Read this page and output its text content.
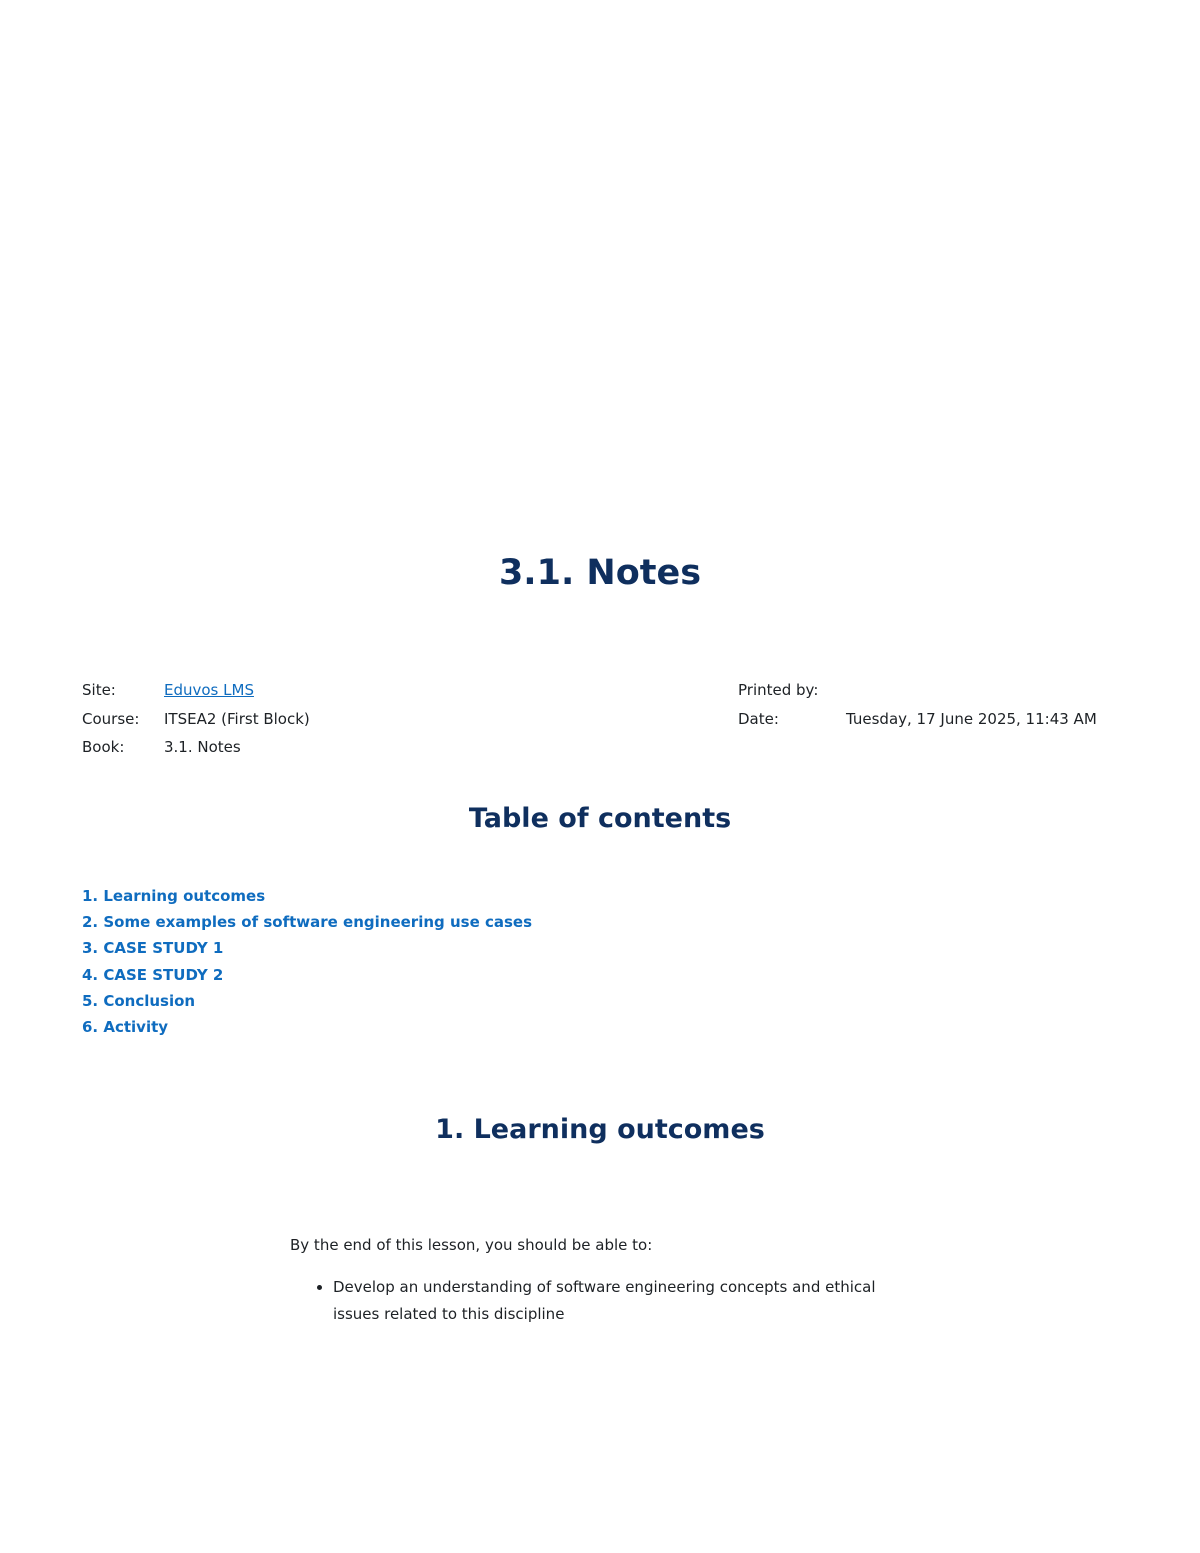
3.1. Notes
Site:	Eduvos LMS
Course:	ITSEA2 (First Block)
Book:	3.1. Notes
Printed by:
Date:	Tuesday, 17 June 2025, 11:43 AM
Table of contents
1. Learning outcomes
2. Some examples of software engineering use cases
3. CASE STUDY 1
4. CASE STUDY 2
5. Conclusion
6. Activity
1. Learning outcomes

By the end of this lesson, you should be able to:

• Develop an understanding of software engineering concepts and ethical issues related to this discipline
